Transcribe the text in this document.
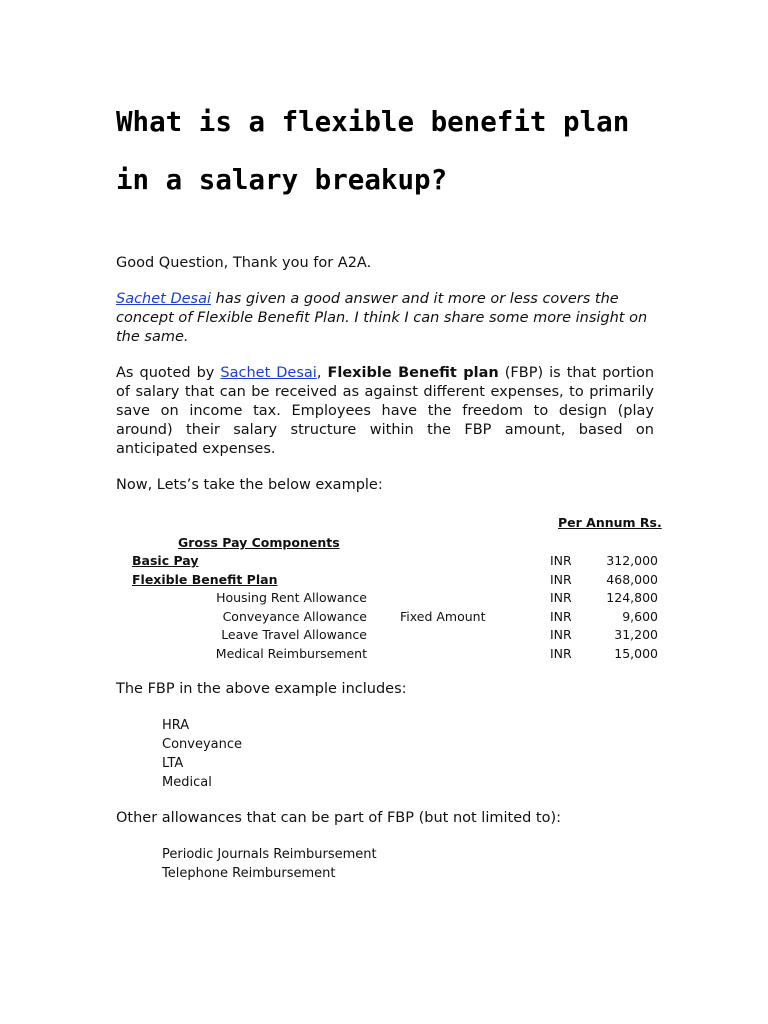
What is a flexible benefit plan
in a salary breakup?

Good Question, Thank you for A2A.

Sachet Desai has given a good answer and it more or less covers the concept of Flexible Benefit Plan. I think I can share some more insight on the same.

As quoted by Sachet Desai, Flexible Benefit plan (FBP) is that portion of salary that can be received as against different expenses, to primarily save on income tax. Employees have the freedom to design (play around) their salary structure within the FBP amount, based on anticipated expenses.

Now, Lets’s take the below example:

Per Annum Rs.
Gross Pay Components
Basic Pay	INR	312,000
Flexible Benefit Plan	INR	468,000
Housing Rent Allowance	INR	124,800
Conveyance Allowance	Fixed Amount	INR	9,600
Leave Travel Allowance	INR	31,200
Medical Reimbursement	INR	15,000

The FBP in the above example includes:

HRA
Conveyance
LTA
Medical

Other allowances that can be part of FBP (but not limited to):

Periodic Journals Reimbursement
Telephone Reimbursement
